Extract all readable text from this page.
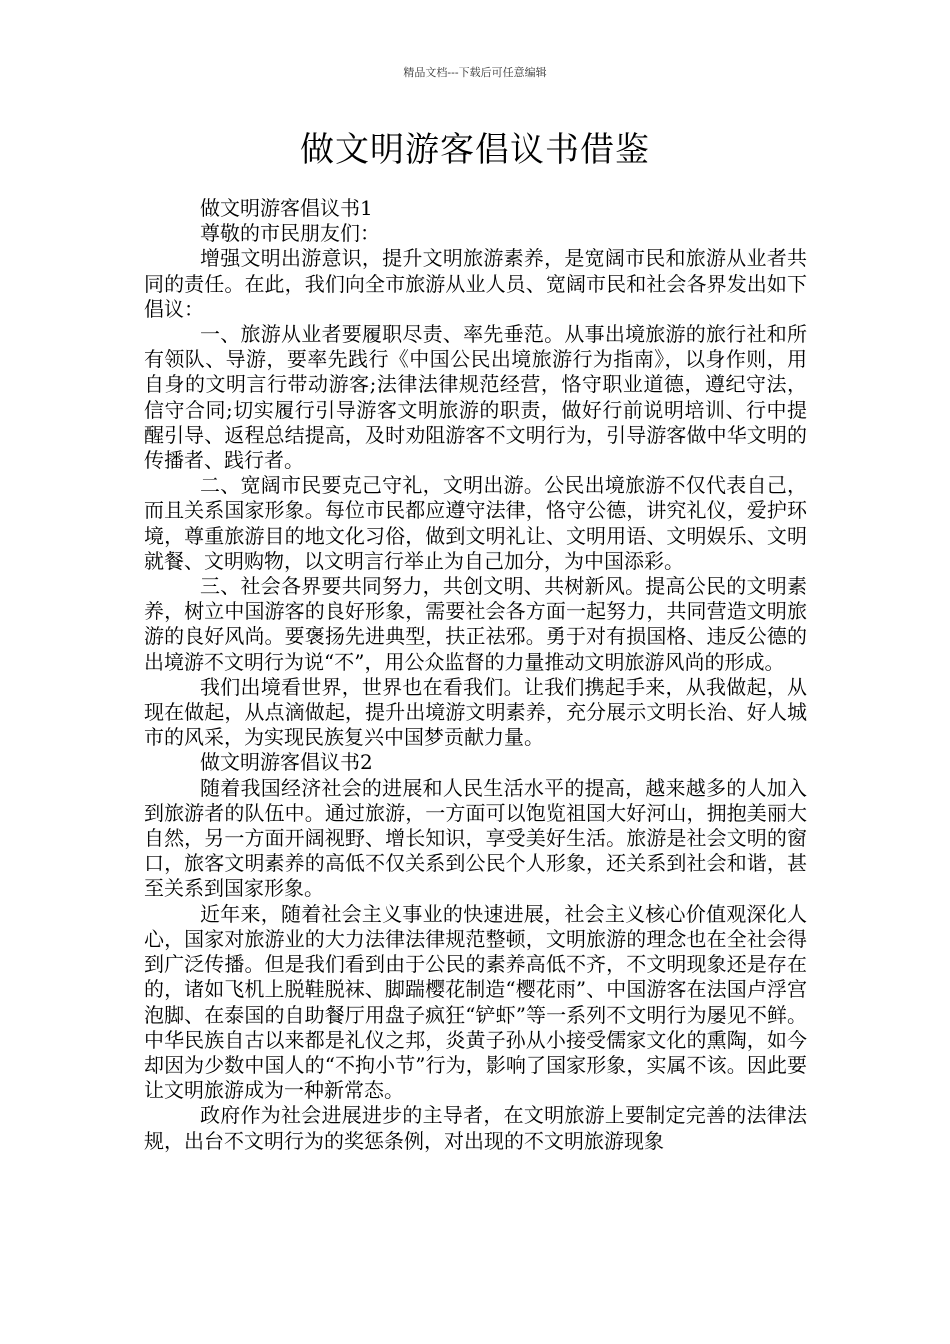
精品文档---下载后可任意编辑
做文明游客倡议书借鉴

做文明游客倡议书1

尊敬的市民朋友们：

增强文明出游意识，提升文明旅游素养，是宽阔市民和旅游从业者共同的责任。在此，我们向全市旅游从业人员、宽阔市民和社会各界发出如下倡议：

一、旅游从业者要履职尽责、率先垂范。从事出境旅游的旅行社和所有领队、导游，要率先践行《中国公民出境旅游行为指南》，以身作则，用自身的文明言行带动游客;法律法律规范经营，恪守职业道德，遵纪守法，信守合同;切实履行引导游客文明旅游的职责，做好行前说明培训、行中提醒引导、返程总结提高，及时劝阻游客不文明行为，引导游客做中华文明的传播者、践行者。

二、宽阔市民要克己守礼，文明出游。公民出境旅游不仅代表自己，而且关系国家形象。每位市民都应遵守法律，恪守公德，讲究礼仪，爱护环境，尊重旅游目的地文化习俗，做到文明礼让、文明用语、文明娱乐、文明就餐、文明购物，以文明言行举止为自己加分，为中国添彩。

三、社会各界要共同努力，共创文明、共树新风。提高公民的文明素养，树立中国游客的良好形象，需要社会各方面一起努力，共同营造文明旅游的良好风尚。要褒扬先进典型，扶正祛邪。勇于对有损国格、违反公德的出境游不文明行为说“不”，用公众监督的力量推动文明旅游风尚的形成。

我们出境看世界，世界也在看我们。让我们携起手来，从我做起，从现在做起，从点滴做起，提升出境游文明素养，充分展示文明长治、好人城市的风采，为实现民族复兴中国梦贡献力量。

做文明游客倡议书2

随着我国经济社会的进展和人民生活水平的提高，越来越多的人加入到旅游者的队伍中。通过旅游，一方面可以饱览祖国大好河山，拥抱美丽大自然，另一方面开阔视野、增长知识，享受美好生活。旅游是社会文明的窗口，旅客文明素养的高低不仅关系到公民个人形象，还关系到社会和谐，甚至关系到国家形象。

近年来，随着社会主义事业的快速进展，社会主义核心价值观深化人心，国家对旅游业的大力法律法律规范整顿，文明旅游的理念也在全社会得到广泛传播。但是我们看到由于公民的素养高低不齐，不文明现象还是存在的，诸如飞机上脱鞋脱袜、脚踹樱花制造“樱花雨”、中国游客在法国卢浮宫泡脚、在泰国的自助餐厅用盘子疯狂“铲虾”等一系列不文明行为屡见不鲜。中华民族自古以来都是礼仪之邦，炎黄子孙从小接受儒家文化的熏陶，如今却因为少数中国人的“不拘小节”行为，影响了国家形象，实属不该。因此要让文明旅游成为一种新常态。

政府作为社会进展进步的主导者，在文明旅游上要制定完善的法律法规，出台不文明行为的奖惩条例，对出现的不文明旅游现象
